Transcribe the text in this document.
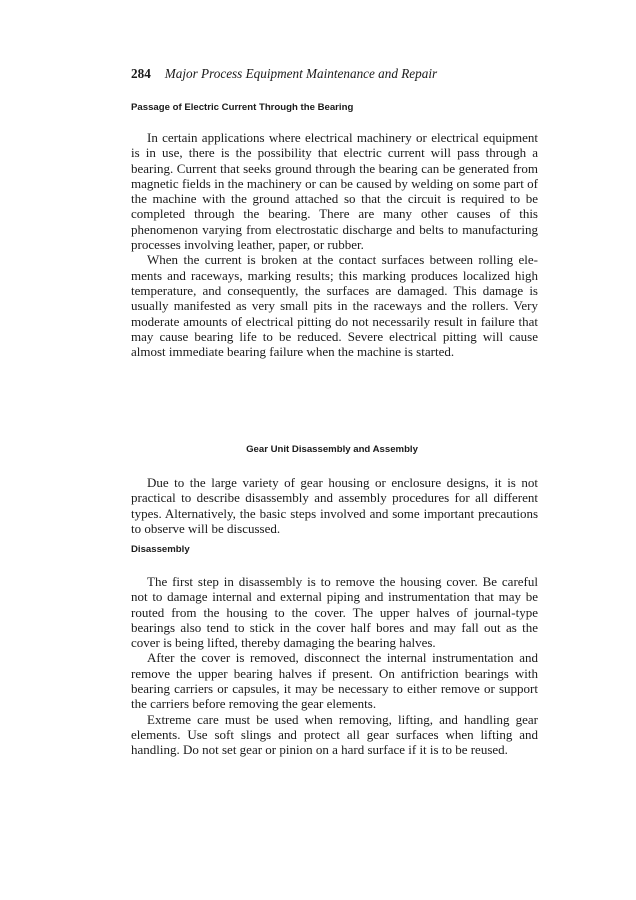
284 Major Process Equipment Maintenance and Repair
Passage of Electric Current Through the Bearing

In certain applications where electrical machinery or electrical equipment is in use, there is the possibility that electric current will pass through a bearing. Current that seeks ground through the bearing can be generated from magnetic fields in the machinery or can be caused by welding on some part of the machine with the ground attached so that the circuit is required to be completed through the bearing. There are many other causes of this phenomenon varying from electrostatic discharge and belts to manufacturing processes involving leather, paper, or rubber.

When the current is broken at the contact surfaces between rolling elements and raceways, marking results; this marking produces localized high temperature, and consequently, the surfaces are damaged. This damage is usually manifested as very small pits in the raceways and the rollers. Very moderate amounts of electrical pitting do not necessarily result in failure that may cause bearing life to be reduced. Severe electrical pitting will cause almost immediate bearing failure when the machine is started.

Gear Unit Disassembly and Assembly

Due to the large variety of gear housing or enclosure designs, it is not practical to describe disassembly and assembly procedures for all different types. Alternatively, the basic steps involved and some important precautions to observe will be discussed.

Disassembly

The first step in disassembly is to remove the housing cover. Be careful not to damage internal and external piping and instrumentation that may be routed from the housing to the cover. The upper halves of journal-type bearings also tend to stick in the cover half bores and may fall out as the cover is being lifted, thereby damaging the bearing halves.

After the cover is removed, disconnect the internal instrumentation and remove the upper bearing halves if present. On antifriction bearings with bearing carriers or capsules, it may be necessary to either remove or support the carriers before removing the gear elements.

Extreme care must be used when removing, lifting, and handling gear elements. Use soft slings and protect all gear surfaces when lifting and handling. Do not set gear or pinion on a hard surface if it is to be reused.
